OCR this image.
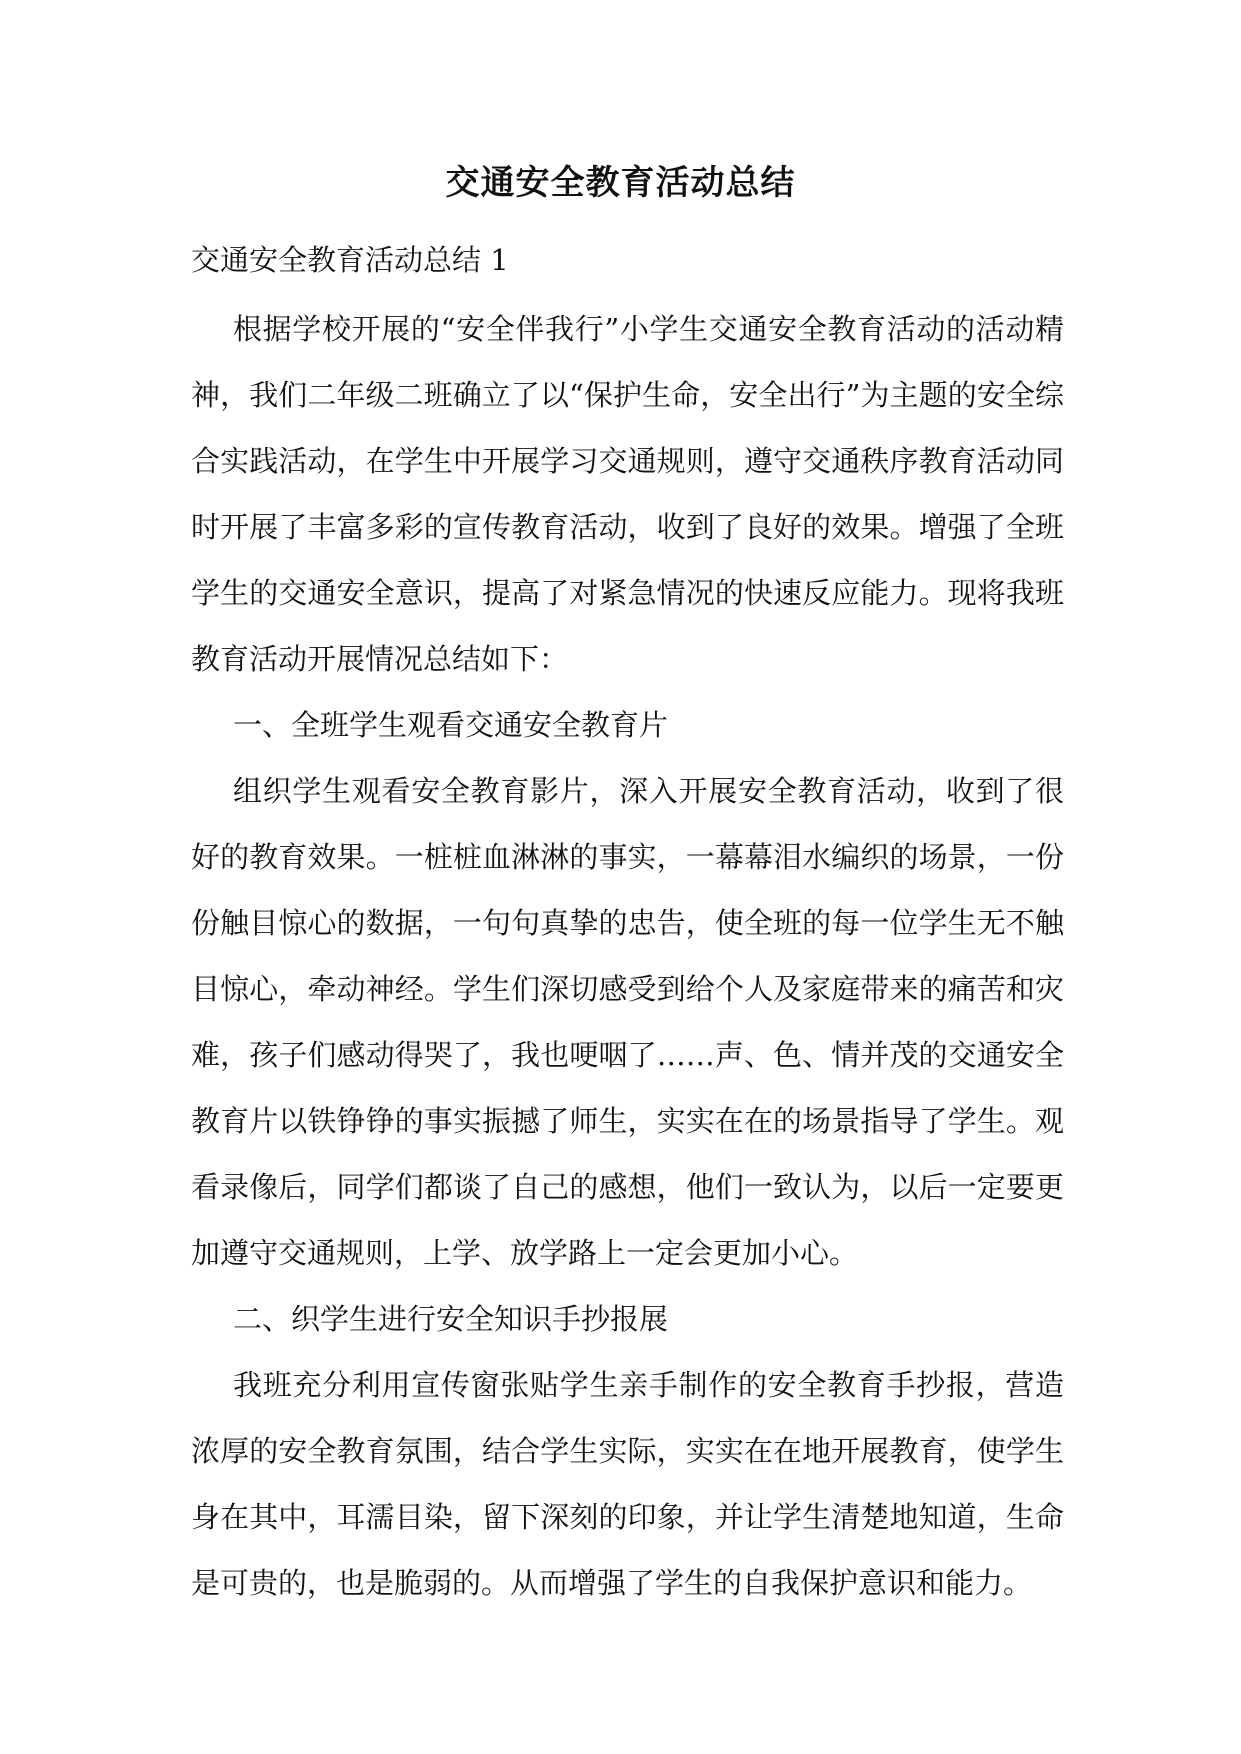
交通安全教育活动总结

交通安全教育活动总结 1

根据学校开展的“安全伴我行”小学生交通安全教育活动的活动精神，我们二年级二班确立了以“保护生命，安全出行”为主题的安全综合实践活动，在学生中开展学习交通规则，遵守交通秩序教育活动同时开展了丰富多彩的宣传教育活动，收到了良好的效果。增强了全班学生的交通安全意识，提高了对紧急情况的快速反应能力。现将我班教育活动开展情况总结如下：

一、全班学生观看交通安全教育片

组织学生观看安全教育影片，深入开展安全教育活动，收到了很好的教育效果。一桩桩血淋淋的事实，一幕幕泪水编织的场景，一份份触目惊心的数据，一句句真挚的忠告，使全班的每一位学生无不触目惊心，牵动神经。学生们深切感受到给个人及家庭带来的痛苦和灾难，孩子们感动得哭了，我也哽咽了……声、色、情并茂的交通安全教育片以铁铮铮的事实振撼了师生，实实在在的场景指导了学生。观看录像后，同学们都谈了自己的感想，他们一致认为，以后一定要更加遵守交通规则，上学、放学路上一定会更加小心。

二、织学生进行安全知识手抄报展

我班充分利用宣传窗张贴学生亲手制作的安全教育手抄报，营造浓厚的安全教育氛围，结合学生实际，实实在在地开展教育，使学生身在其中，耳濡目染，留下深刻的印象，并让学生清楚地知道，生命是可贵的，也是脆弱的。从而增强了学生的自我保护意识和能力。
